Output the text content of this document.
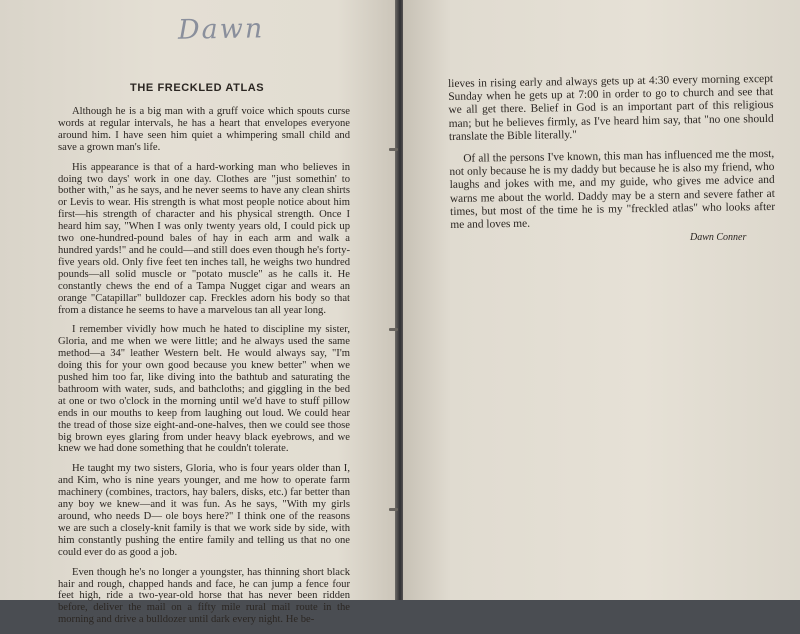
Dawn
THE FRECKLED ATLAS

Although he is a big man with a gruff voice which spouts curse words at regular intervals, he has a heart that envelopes everyone around him. I have seen him quiet a whimpering small child and save a grown man's life.

His appearance is that of a hard-working man who believes in doing two days' work in one day. Clothes are "just somethin' to bother with," as he says, and he never seems to have any clean shirts or Levis to wear. His strength is what most people notice about him first—his strength of character and his physical strength. Once I heard him say, "When I was only twenty years old, I could pick up two one-hundred-pound bales of hay in each arm and walk a hundred yards!" and he could—and still does even though he's forty-five years old. Only five feet ten inches tall, he weighs two hundred pounds—all solid muscle or "potato muscle" as he calls it. He constantly chews the end of a Tampa Nugget cigar and wears an orange "Catapillar" bulldozer cap. Freckles adorn his body so that from a distance he seems to have a marvelous tan all year long.

I remember vividly how much he hated to discipline my sister, Gloria, and me when we were little; and he always used the same method—a 34" leather Western belt. He would always say, "I'm doing this for your own good because you knew better" when we pushed him too far, like diving into the bathtub and saturating the bathroom with water, suds, and bathcloths; and giggling in the bed at one or two o'clock in the morning until we'd have to stuff pillow ends in our mouths to keep from laughing out loud. We could hear the tread of those size eight-and-one-halves, then we could see those big brown eyes glaring from under heavy black eyebrows, and we knew we had done something that he couldn't tolerate.

He taught my two sisters, Gloria, who is four years older than I, and Kim, who is nine years younger, and me how to operate farm machinery (combines, tractors, hay balers, disks, etc.) far better than any boy we knew—and it was fun. As he says, "With my girls around, who needs D— ole boys here?" I think one of the reasons we are such a closely-knit family is that we work side by side, with him constantly pushing the entire family and telling us that no one could ever do as good a job.

Even though he's no longer a youngster, has thinning short black hair and rough, chapped hands and face, he can jump a fence four feet high, ride a two-year-old horse that has never been ridden before, deliver the mail on a fifty mile rural mail route in the morning and drive a bulldozer until dark every night. He be-

lieves in rising early and always gets up at 4:30 every morning except Sunday when he gets up at 7:00 in order to go to church and see that we all get there. Belief in God is an important part of this religious man; but he believes firmly, as I've heard him say, that "no one should translate the Bible literally."

Of all the persons I've known, this man has influenced me the most, not only because he is my daddy but because he is also my friend, who laughs and jokes with me, and my guide, who gives me advice and warns me about the world. Daddy may be a stern and severe father at times, but most of the time he is my "freckled atlas" who looks after me and loves me.

Dawn Conner
